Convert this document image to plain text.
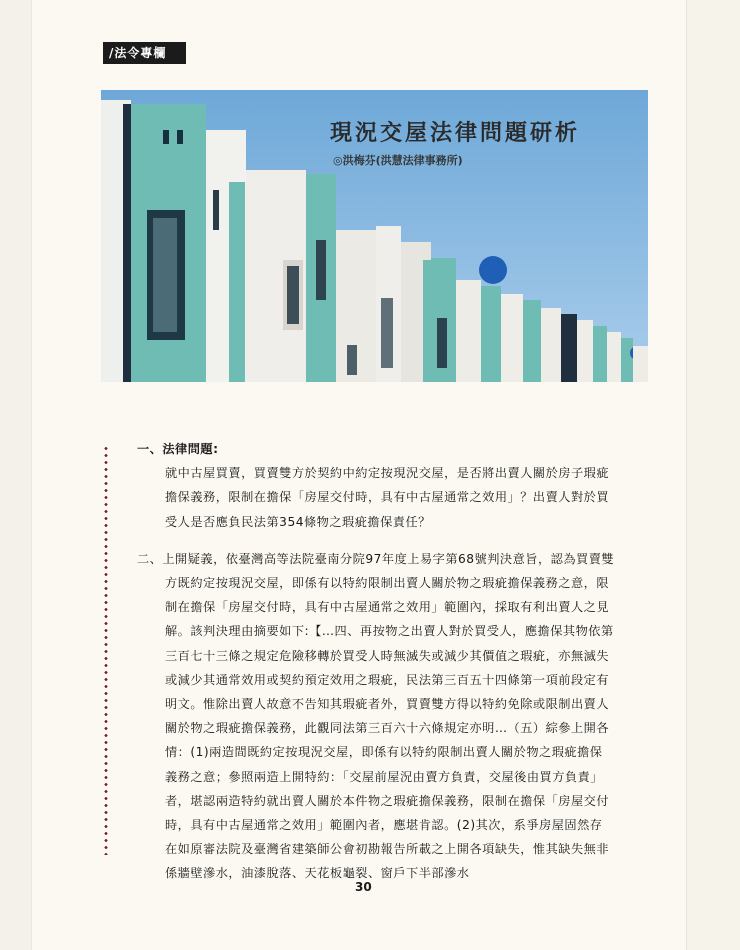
/法令專欄
現況交屋法律問題研析
◎洪梅芬(洪慧法律事務所)

一、法律問題:

就中古屋買賣，買賣雙方於契約中約定按現況交屋，是否將出賣人關於房子瑕疵擔保義務，限制在擔保「房屋交付時，具有中古屋通常之效用」？出賣人對於買受人是否應負民法第354條物之瑕疵擔保責任？

二、上開疑義，依臺灣高等法院臺南分院97年度上易字第68號判決意旨，認為買賣雙方既約定按現況交屋，即係有以特約限制出賣人關於物之瑕疵擔保義務之意，限制在擔保「房屋交付時，具有中古屋通常之效用」範圍內，採取有利出賣人之見解。該判決理由摘要如下:【…四、再按物之出賣人對於買受人，應擔保其物依第三百七十三條之規定危險移轉於買受人時無滅失或減少其價值之瑕疵，亦無滅失或減少其通常效用或契約預定效用之瑕疵，民法第三百五十四條第一項前段定有明文。惟除出賣人故意不告知其瑕疵者外，買賣雙方得以特約免除或限制出賣人關於物之瑕疵擔保義務，此觀同法第三百六十六條規定亦明…（五）綜參上開各情：(1)兩造間既約定按現況交屋，即係有以特約限制出賣人關於物之瑕疵擔保義務之意；參照兩造上開特約：「交屋前屋況由賣方負責，交屋後由買方負責」者，堪認兩造特約就出賣人關於本件物之瑕疵擔保義務，限制在擔保「房屋交付時，具有中古屋通常之效用」範圍內者，應堪肯認。(2)其次，系爭房屋固然存在如原審法院及臺灣省建築師公會初勘報告所載之上開各項缺失，惟其缺失無非係牆壁滲水，油漆脫落、天花板龜裂、窗戶下半部滲水

30
